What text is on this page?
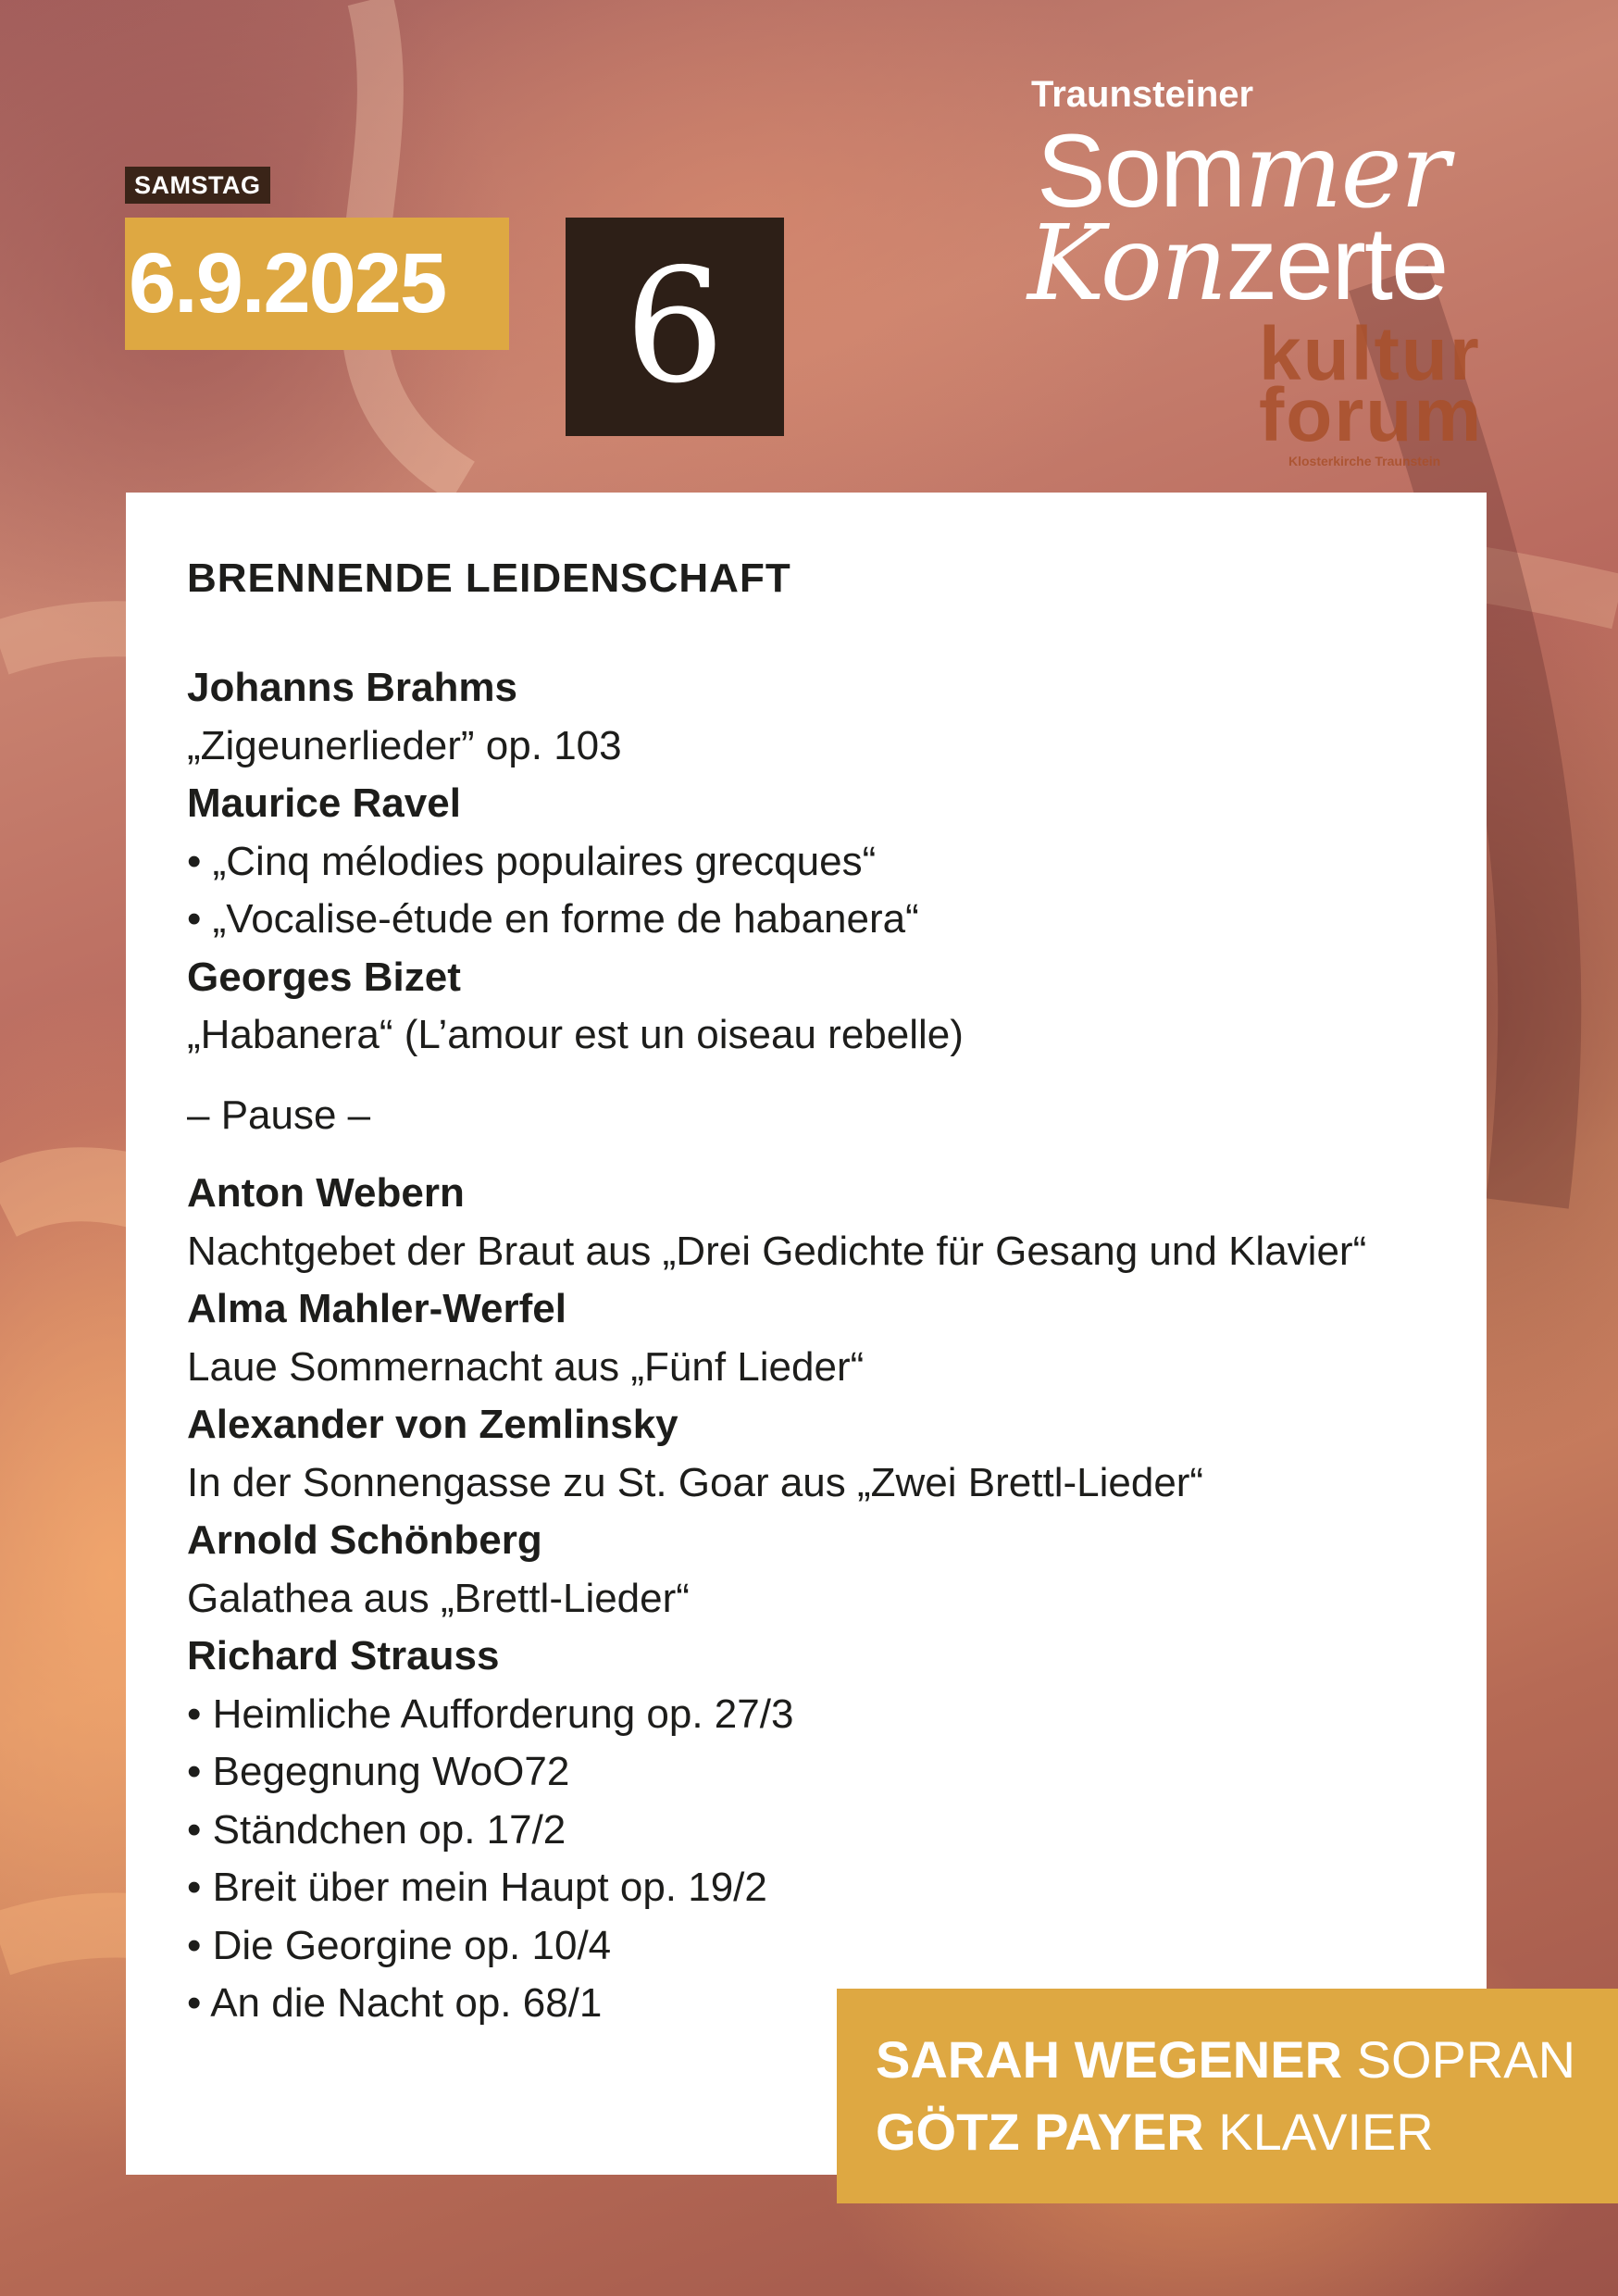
SAMSTAG
6.9.2025	6
Traunsteiner
Sommer
Konzerte
kultur
forum
Klosterkirche Traunstein
BRENNENDE LEIDENSCHAFT
Johanns Brahms
„Zigeunerlieder” op. 103
Maurice Ravel
• „Cinq mélodies populaires grecques“
• „Vocalise-étude en forme de habanera“
Georges Bizet
„Habanera“ (L’amour est un oiseau rebelle)
– Pause –
Anton Webern
Nachtgebet der Braut aus „Drei Gedichte für Gesang und Klavier“
Alma Mahler-Werfel
Laue Sommernacht aus „Fünf Lieder“
Alexander von Zemlinsky
In der Sonnengasse zu St. Goar aus „Zwei Brettl-Lieder“
Arnold Schönberg
Galathea aus „Brettl-Lieder“
Richard Strauss
• Heimliche Aufforderung op. 27/3
• Begegnung WoO72
• Ständchen op. 17/2
• Breit über mein Haupt op. 19/2
• Die Georgine op. 10/4
• An die Nacht op. 68/1
SARAH WEGENER SOPRAN
GÖTZ PAYER KLAVIER
